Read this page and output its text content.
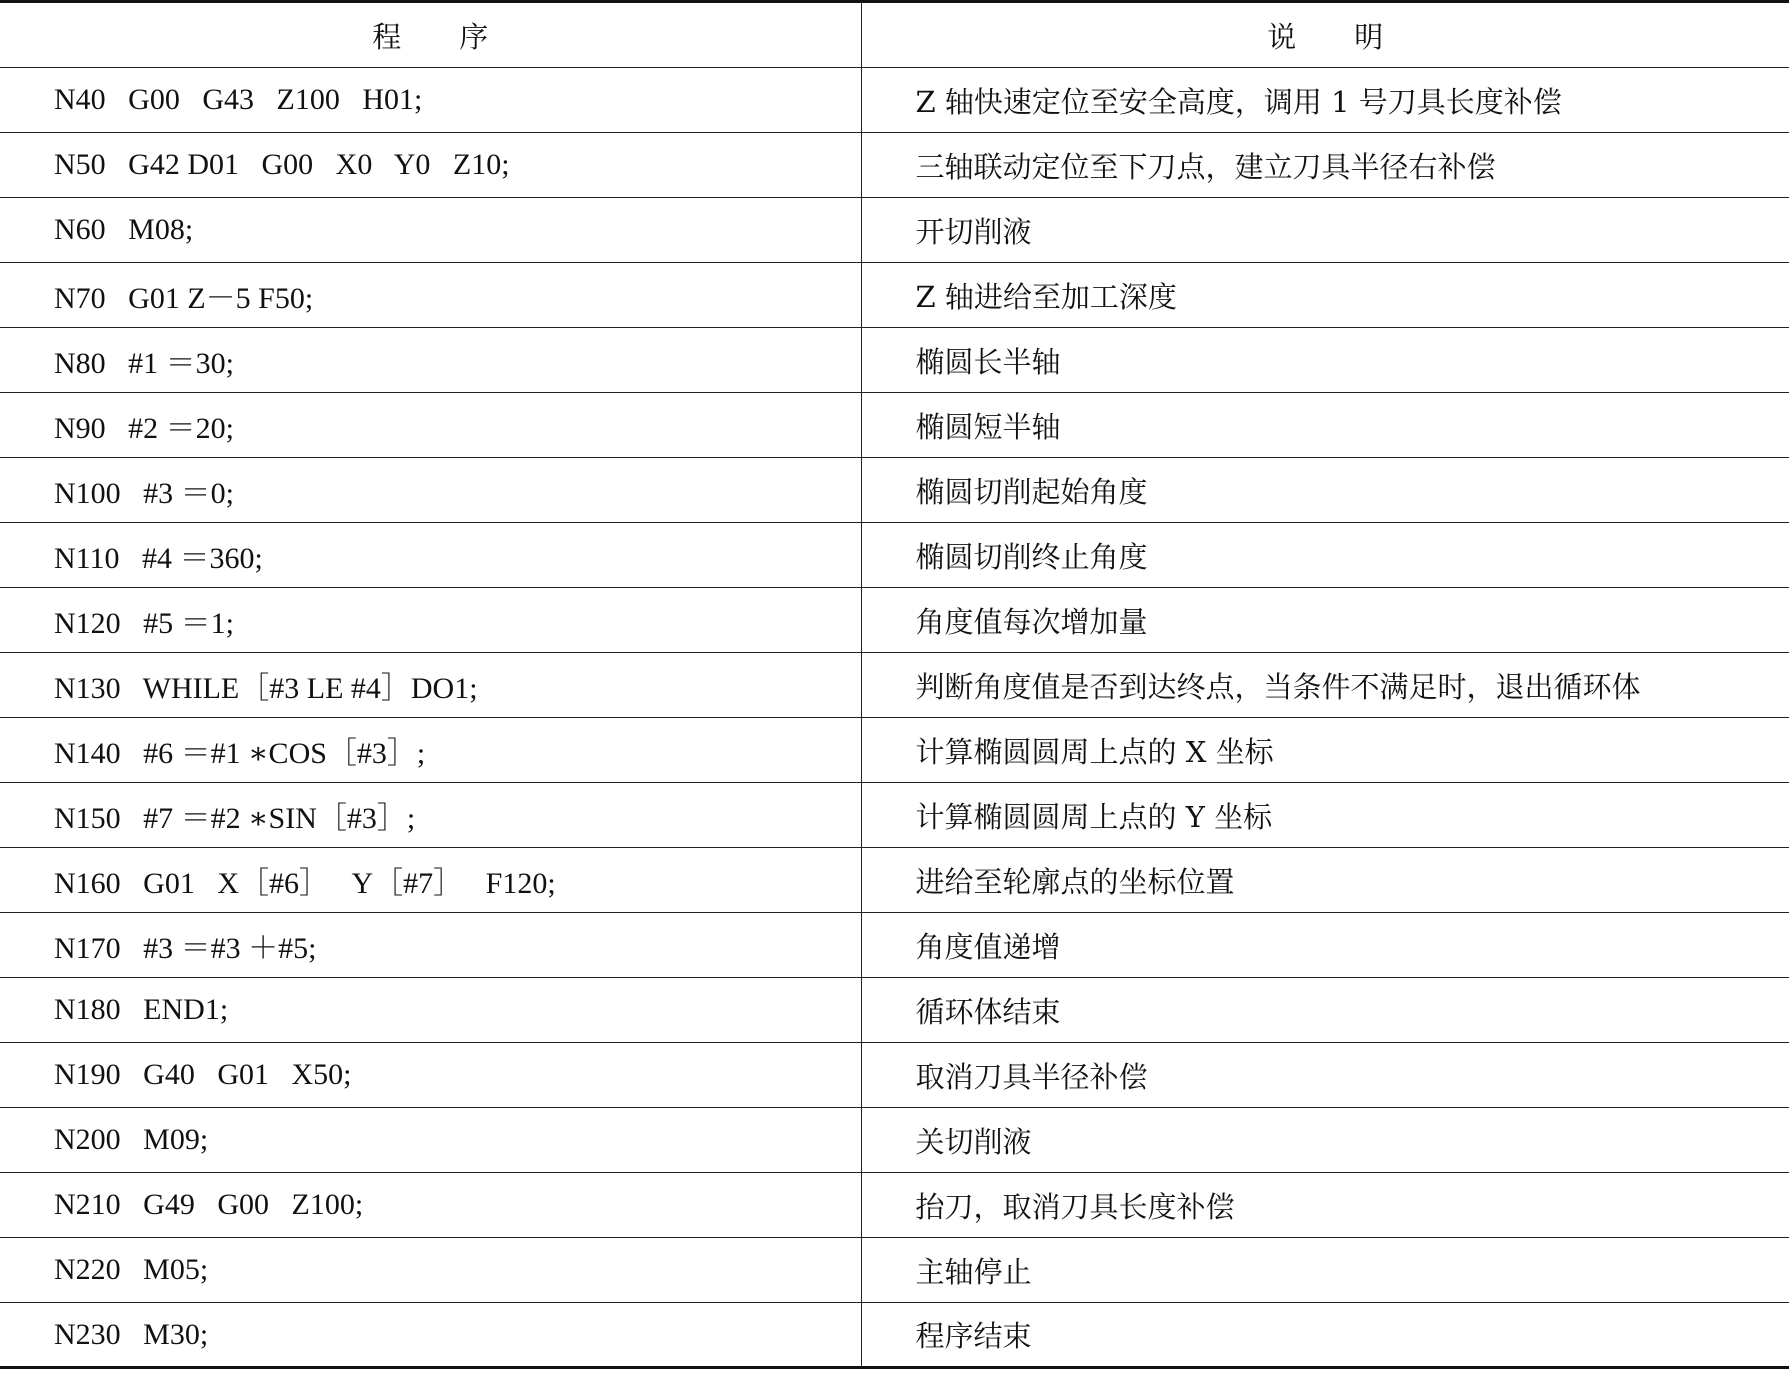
程　　序	说　　明
N40   G00   G43   Z100   H01;	Z 轴快速定位至安全高度，调用 1 号刀具长度补偿
N50   G42 D01   G00   X0   Y0   Z10;	三轴联动定位至下刀点，建立刀具半径右补偿
N60   M08;	开切削液
N70   G01 Z－5 F50;	Z 轴进给至加工深度
N80   #1 ＝30;	椭圆长半轴
N90   #2 ＝20;	椭圆短半轴
N100   #3 ＝0;	椭圆切削起始角度
N110   #4 ＝360;	椭圆切削终止角度
N120   #5 ＝1;	角度值每次增加量
N130   WHILE［#3 LE #4］DO1;	判断角度值是否到达终点，当条件不满足时，退出循环体
N140   #6 ＝#1 ∗COS［#3］;	计算椭圆圆周上点的 X 坐标
N150   #7 ＝#2 ∗SIN［#3］;	计算椭圆圆周上点的 Y 坐标
N160   G01   X［#6］   Y［#7］   F120;	进给至轮廓点的坐标位置
N170   #3 ＝#3 ＋#5;	角度值递增
N180   END1;	循环体结束
N190   G40   G01   X50;	取消刀具半径补偿
N200   M09;	关切削液
N210   G49   G00   Z100;	抬刀，取消刀具长度补偿
N220   M05;	主轴停止
N230   M30;	程序结束
